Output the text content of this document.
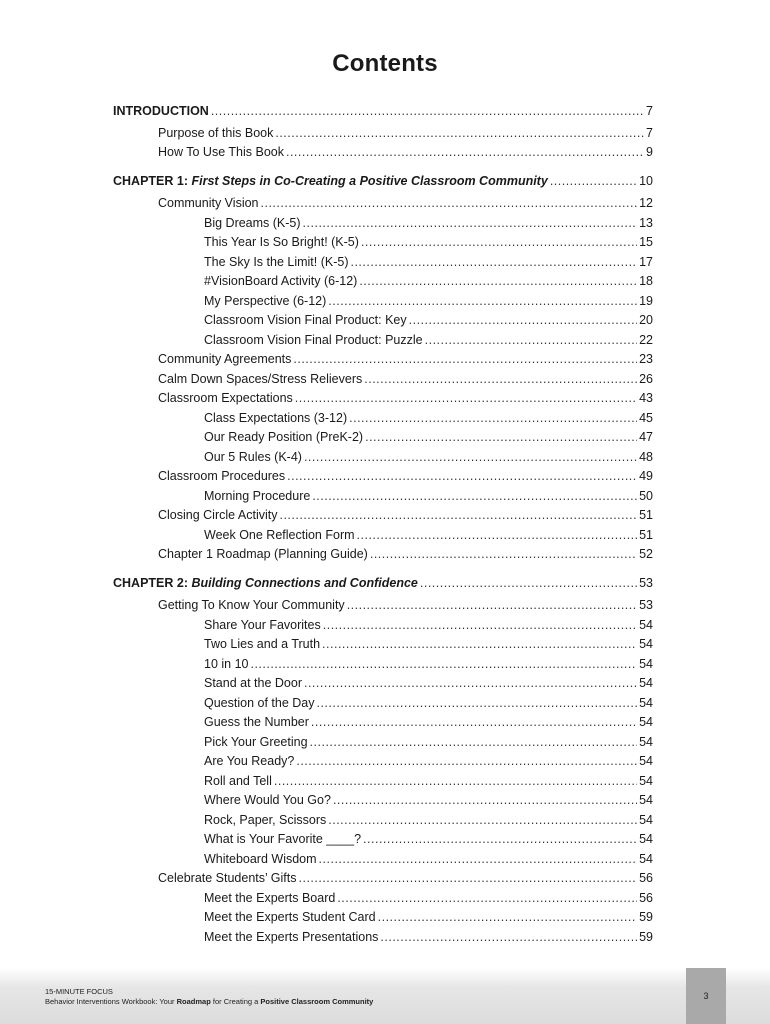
Contents
INTRODUCTION .....	7
Purpose of this Book .....	7
How To Use This Book .....	9
CHAPTER 1: First Steps in Co-Creating a Positive Classroom Community .....	10
Community Vision .....	12
Big Dreams (K-5) .....	13
This Year Is So Bright! (K-5) .....	15
The Sky Is the Limit! (K-5) .....	17
#VisionBoard Activity (6-12) .....	18
My Perspective (6-12) .....	19
Classroom Vision Final Product: Key .....	20
Classroom Vision Final Product: Puzzle .....	22
Community Agreements .....	23
Calm Down Spaces/Stress Relievers .....	26
Classroom Expectations .....	43
Class Expectations (3-12) .....	45
Our Ready Position (PreK-2) .....	47
Our 5 Rules (K-4) .....	48
Classroom Procedures .....	49
Morning Procedure .....	50
Closing Circle Activity .....	51
Week One Reflection Form .....	51
Chapter 1 Roadmap (Planning Guide) .....	52
CHAPTER 2: Building Connections and Confidence .....	53
Getting To Know Your Community .....	53
Share Your Favorites .....	54
Two Lies and a Truth .....	54
10 in 10 .....	54
Stand at the Door .....	54
Question of the Day .....	54
Guess the Number .....	54
Pick Your Greeting .....	54
Are You Ready? .....	54
Roll and Tell .....	54
Where Would You Go? .....	54
Rock, Paper, Scissors .....	54
What is Your Favorite ____? .....	54
Whiteboard Wisdom .....	54
Celebrate Students’ Gifts .....	56
Meet the Experts Board .....	56
Meet the Experts Student Card .....	59
Meet the Experts Presentations .....	59
15-MINUTE FOCUS
Behavior Interventions Workbook: Your Roadmap for Creating a Positive Classroom Community
3
